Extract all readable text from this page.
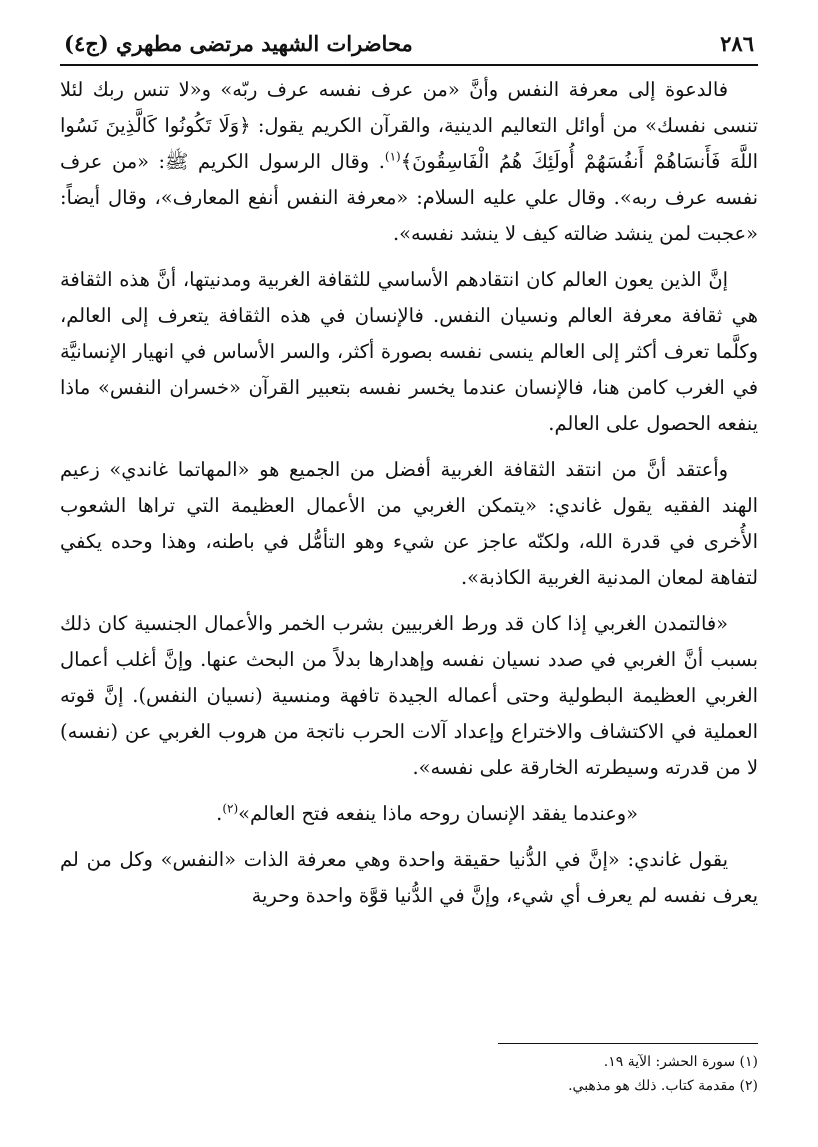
٢٨٦
محاضرات الشهيد مرتضى مطهري (ج٤)

فالدعوة إلى معرفة النفس وأنَّ «من عرف نفسه عرف ربّه» و«لا تنس ربك لئلا تنسى نفسك» من أوائل التعاليم الدينية، والقرآن الكريم يقول: ﴿وَلَا تَكُونُوا كَالَّذِينَ نَسُوا اللَّهَ فَأَنسَاهُمْ أَنفُسَهُمْ أُولَئِكَ هُمُ الْفَاسِقُونَ﴾$^{(١)}$. وقال الرسول الكريم ﷺ: «من عرف نفسه عرف ربه». وقال علي عليه السلام: «معرفة النفس أنفع المعارف»، وقال أيضاً: «عجبت لمن ينشد ضالته كيف لا ينشد نفسه».

إنَّ الذين يعون العالم كان انتقادهم الأساسي للثقافة الغربية ومدنيتها، أنَّ هذه الثقافة هي ثقافة معرفة العالم ونسيان النفس. فالإنسان في هذه الثقافة يتعرف إلى العالم، وكلَّما تعرف أكثر إلى العالم ينسى نفسه بصورة أكثر، والسر الأساس في انهيار الإنسانيَّة في الغرب كامن هنا، فالإنسان عندما يخسر نفسه بتعبير القرآن «خسران النفس» ماذا ينفعه الحصول على العالم.

وأعتقد أنَّ من انتقد الثقافة الغربية أفضل من الجميع هو «المهاتما غاندي» زعيم الهند الفقيه يقول غاندي: «يتمكن الغربي من الأعمال العظيمة التي تراها الشعوب الأُخرى في قدرة الله، ولكنّه عاجز عن شيء وهو التأمُّل في باطنه، وهذا وحده يكفي لتفاهة لمعان المدنية الغربية الكاذبة».

«فالتمدن الغربي إذا كان قد ورط الغربيين بشرب الخمر والأعمال الجنسية كان ذلك بسبب أنَّ الغربي في صدد نسيان نفسه وإهدارها بدلاً من البحث عنها. وإنَّ أغلب أعمال الغربي العظيمة البطولية وحتى أعماله الجيدة تافهة ومنسية (نسيان النفس). إنَّ قوته العملية في الاكتشاف والاختراع وإعداد آلات الحرب ناتجة من هروب الغربي عن (نفسه) لا من قدرته وسيطرته الخارقة على نفسه».

«وعندما يفقد الإنسان روحه ماذا ينفعه فتح العالم»$^{(٢)}$.

يقول غاندي: «إنَّ في الدُّنيا حقيقة واحدة وهي معرفة الذات «النفس» وكل من لم يعرف نفسه لم يعرف أي شيء، وإنَّ في الدُّنيا قوَّة واحدة وحرية

(١) سورة الحشر: الآية ١٩.
(٢) مقدمة كتاب. ذلك هو مذهبي.
